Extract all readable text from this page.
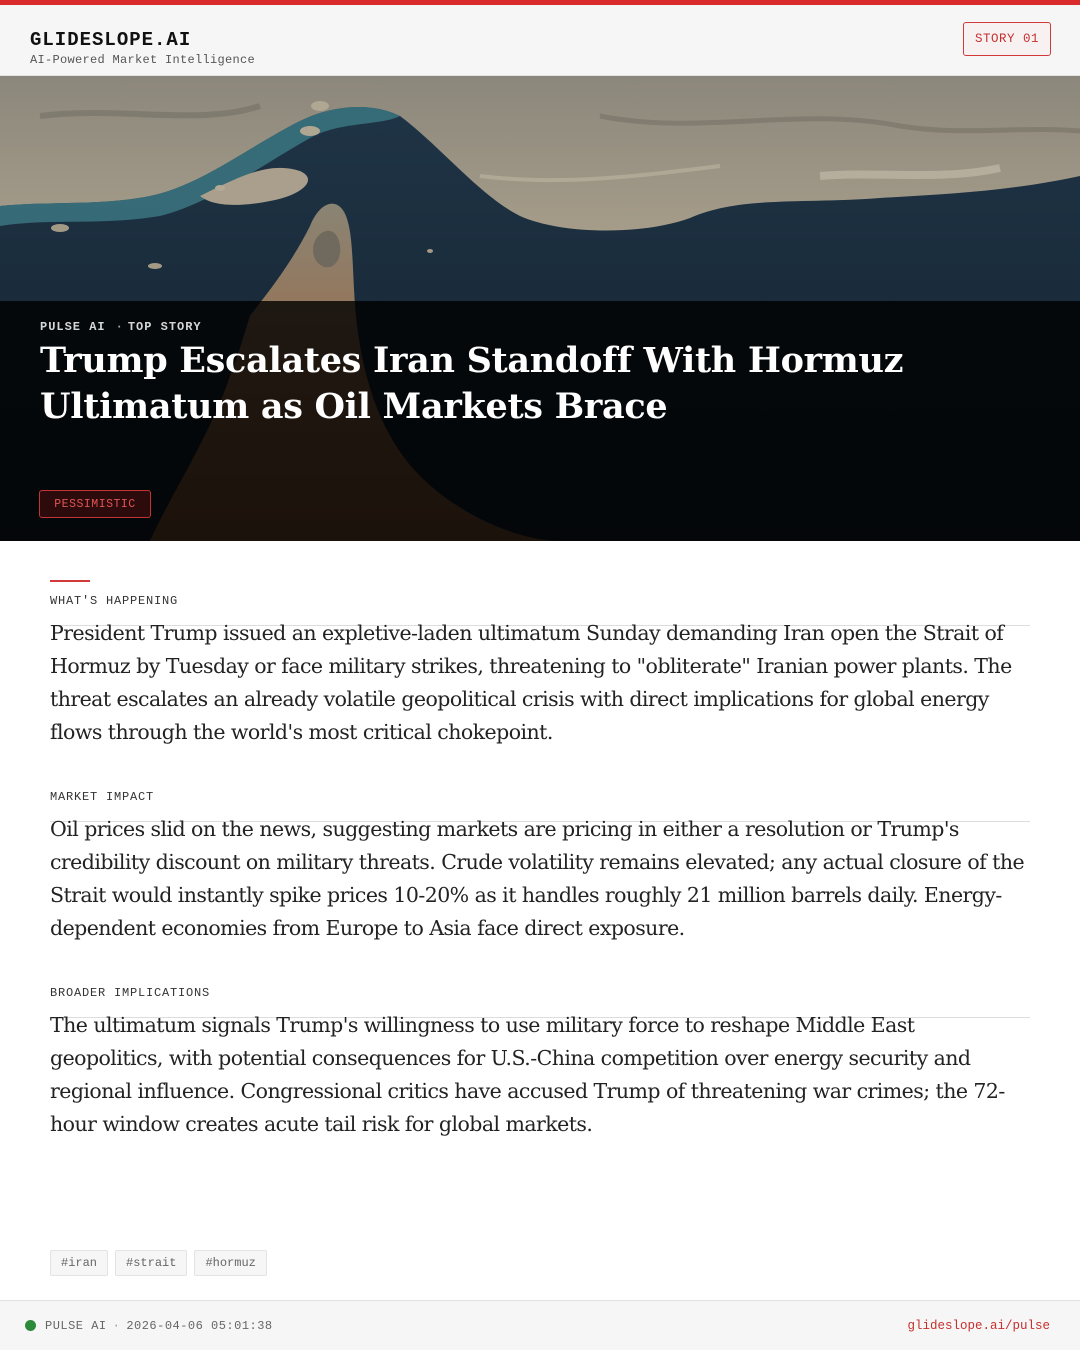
GLIDESLOPE.AI
AI-Powered Market Intelligence
STORY 01
PULSE AI · TOP STORY
Trump Escalates Iran Standoff With Hormuz Ultimatum as Oil Markets Brace
PESSIMISTIC
WHAT'S HAPPENING

President Trump issued an expletive-laden ultimatum Sunday demanding Iran open the Strait of Hormuz by Tuesday or face military strikes, threatening to "obliterate" Iranian power plants. The threat escalates an already volatile geopolitical crisis with direct implications for global energy flows through the world's most critical chokepoint.

MARKET IMPACT

Oil prices slid on the news, suggesting markets are pricing in either a resolution or Trump's credibility discount on military threats. Crude volatility remains elevated; any actual closure of the Strait would instantly spike prices 10-20% as it handles roughly 21 million barrels daily. Energy-dependent economies from Europe to Asia face direct exposure.

BROADER IMPLICATIONS

The ultimatum signals Trump's willingness to use military force to reshape Middle East geopolitics, with potential consequences for U.S.-China competition over energy security and regional influence. Congressional critics have accused Trump of threatening war crimes; the 72-hour window creates acute tail risk for global markets.

#iran	#strait	#hormuz
PULSE AI · 2026-04-06 05:01:38	glideslope.ai/pulse
